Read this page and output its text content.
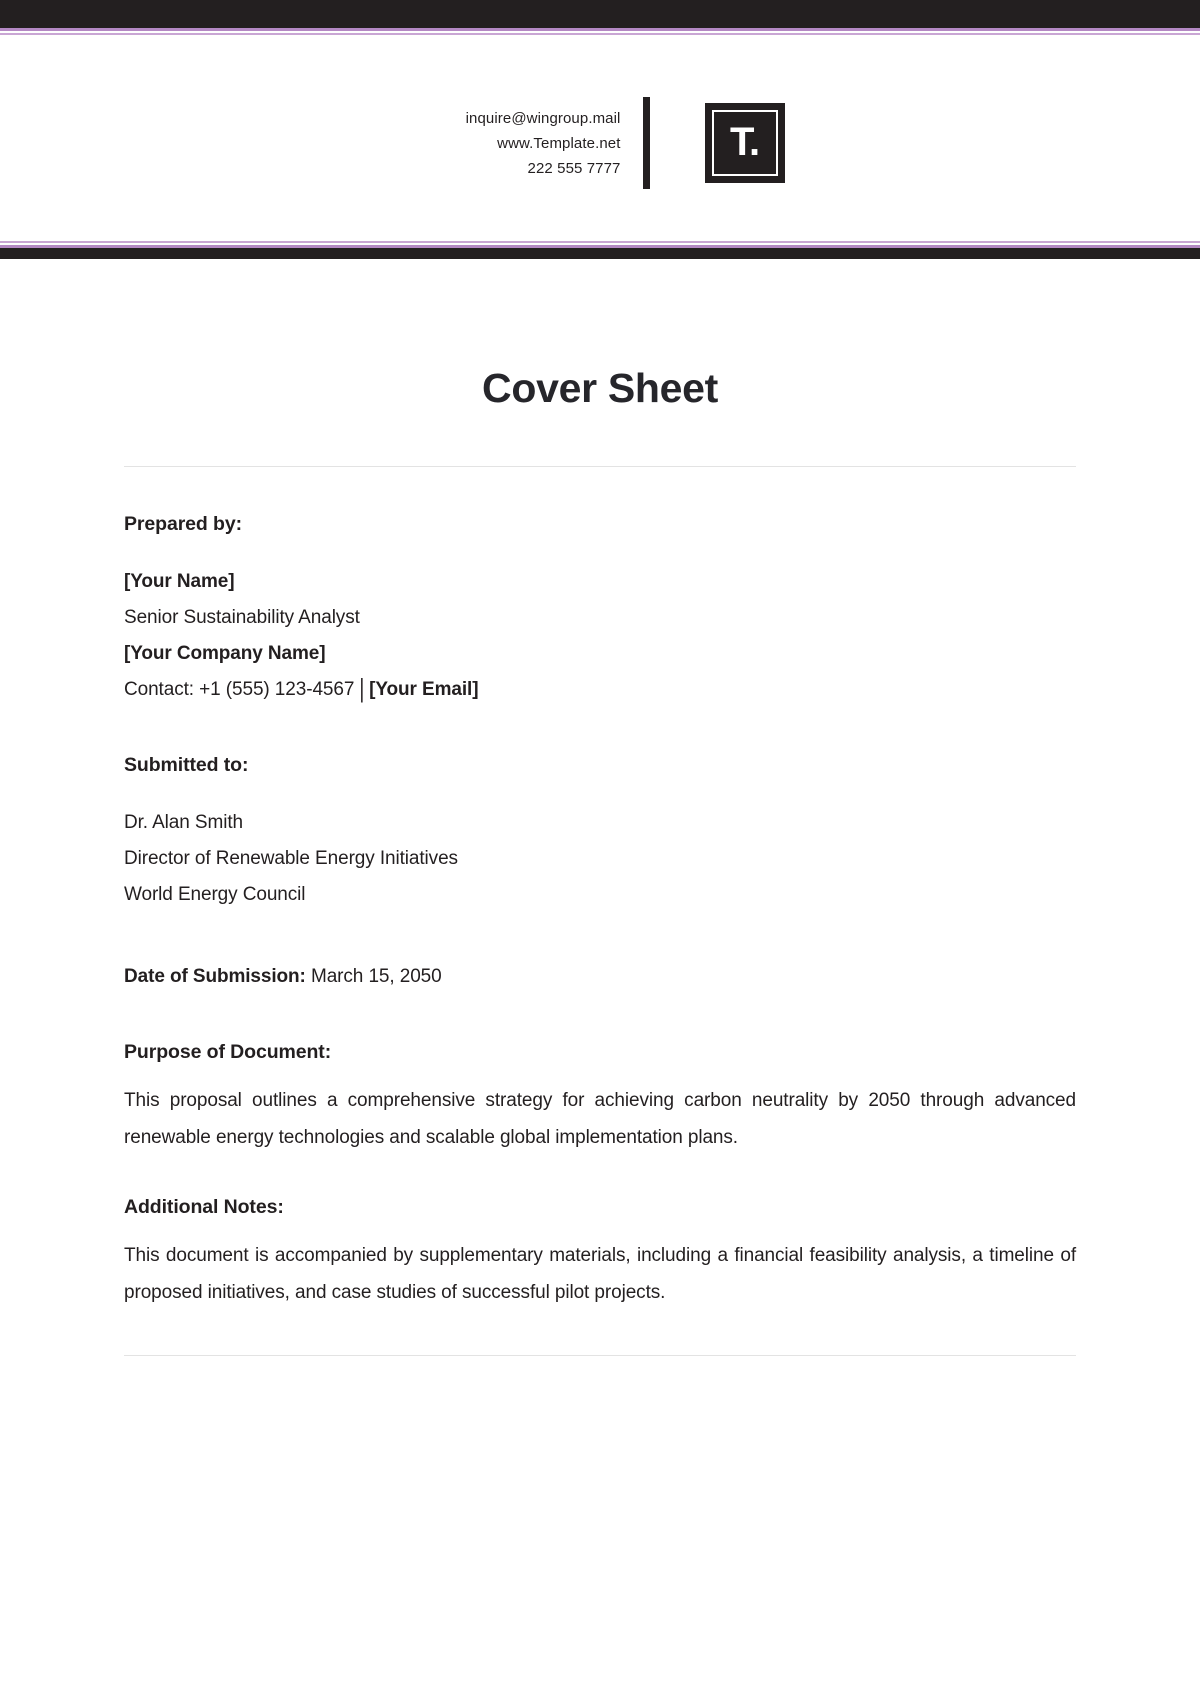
inquire@wingroup.mail
www.Template.net
222 555 7777
T.
Cover Sheet
Prepared by:
[Your Name]
Senior Sustainability Analyst
[Your Company Name]
Contact: +1 (555) 123-4567 | [Your Email]
Submitted to:
Dr. Alan Smith
Director of Renewable Energy Initiatives
World Energy Council
Date of Submission: March 15, 2050
Purpose of Document:
This proposal outlines a comprehensive strategy for achieving carbon neutrality by 2050 through advanced renewable energy technologies and scalable global implementation plans.
Additional Notes:
This document is accompanied by supplementary materials, including a financial feasibility analysis, a timeline of proposed initiatives, and case studies of successful pilot projects.
